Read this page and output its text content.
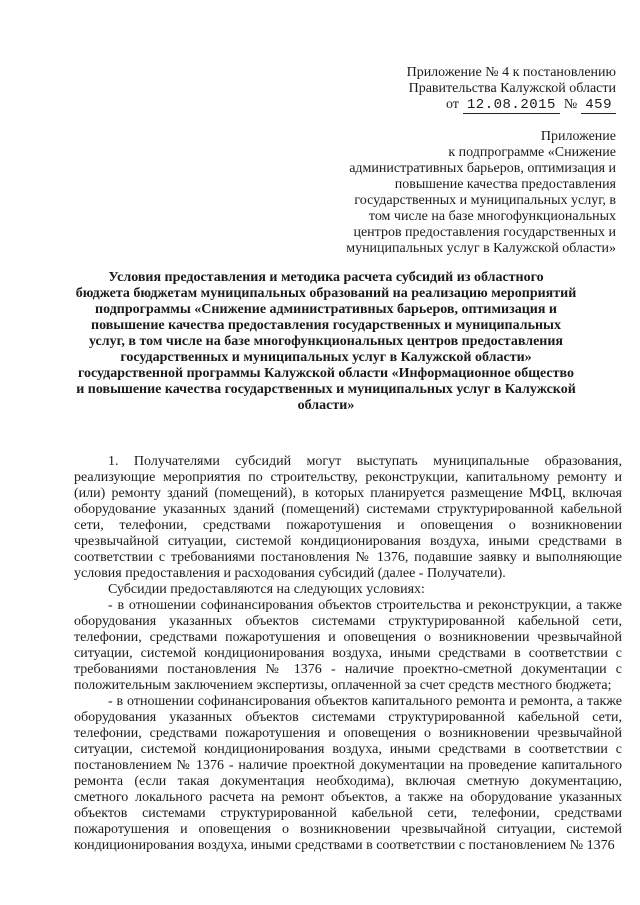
Приложение № 4 к постановлению
Правительства Калужской области
от 12.08.2015 № 459
Приложение
к подпрограмме «Снижение
административных барьеров, оптимизация и
повышение качества предоставления
государственных и муниципальных услуг, в
том числе на базе многофункциональных
центров предоставления государственных и
муниципальных услуг в Калужской области»
Условия предоставления и методика расчета субсидий из областного
бюджета бюджетам муниципальных образований на реализацию мероприятий
подпрограммы «Снижение административных барьеров, оптимизация и
повышение качества предоставления государственных и муниципальных
услуг, в том числе на базе многофункциональных центров предоставления
государственных и муниципальных услуг в Калужской области»
государственной программы Калужской области «Информационное общество
и повышение качества государственных и муниципальных услуг в Калужской
области»

1. Получателями субсидий могут выступать муниципальные образования, реализующие мероприятия по строительству, реконструкции, капитальному ремонту и (или) ремонту зданий (помещений), в которых планируется размещение МФЦ, включая оборудование указанных зданий (помещений) системами структурированной кабельной сети, телефонии, средствами пожаротушения и оповещения о возникновении чрезвычайной ситуации, системой кондиционирования воздуха, иными средствами в соответствии с требованиями постановления № 1376, подавшие заявку и выполняющие условия предоставления и расходования субсидий (далее - Получатели).

Субсидии предоставляются на следующих условиях:

- в отношении софинансирования объектов строительства и реконструкции, а также оборудования указанных объектов системами структурированной кабельной сети, телефонии, средствами пожаротушения и оповещения о возникновении чрезвычайной ситуации, системой кондиционирования воздуха, иными средствами в соответствии с требованиями постановления № 1376 - наличие проектно-сметной документации с положительным заключением экспертизы, оплаченной за счет средств местного бюджета;

- в отношении софинансирования объектов капитального ремонта и ремонта, а также оборудования указанных объектов системами структурированной кабельной сети, телефонии, средствами пожаротушения и оповещения о возникновении чрезвычайной ситуации, системой кондиционирования воздуха, иными средствами в соответствии с постановлением № 1376 - наличие проектной документации на проведение капитального ремонта (если такая документация необходима), включая сметную документацию, сметного локального расчета на ремонт объектов, а также на оборудование указанных объектов системами структурированной кабельной сети, телефонии, средствами пожаротушения и оповещения о возникновении чрезвычайной ситуации, системой кондиционирования воздуха, иными средствами в соответствии с постановлением № 1376
